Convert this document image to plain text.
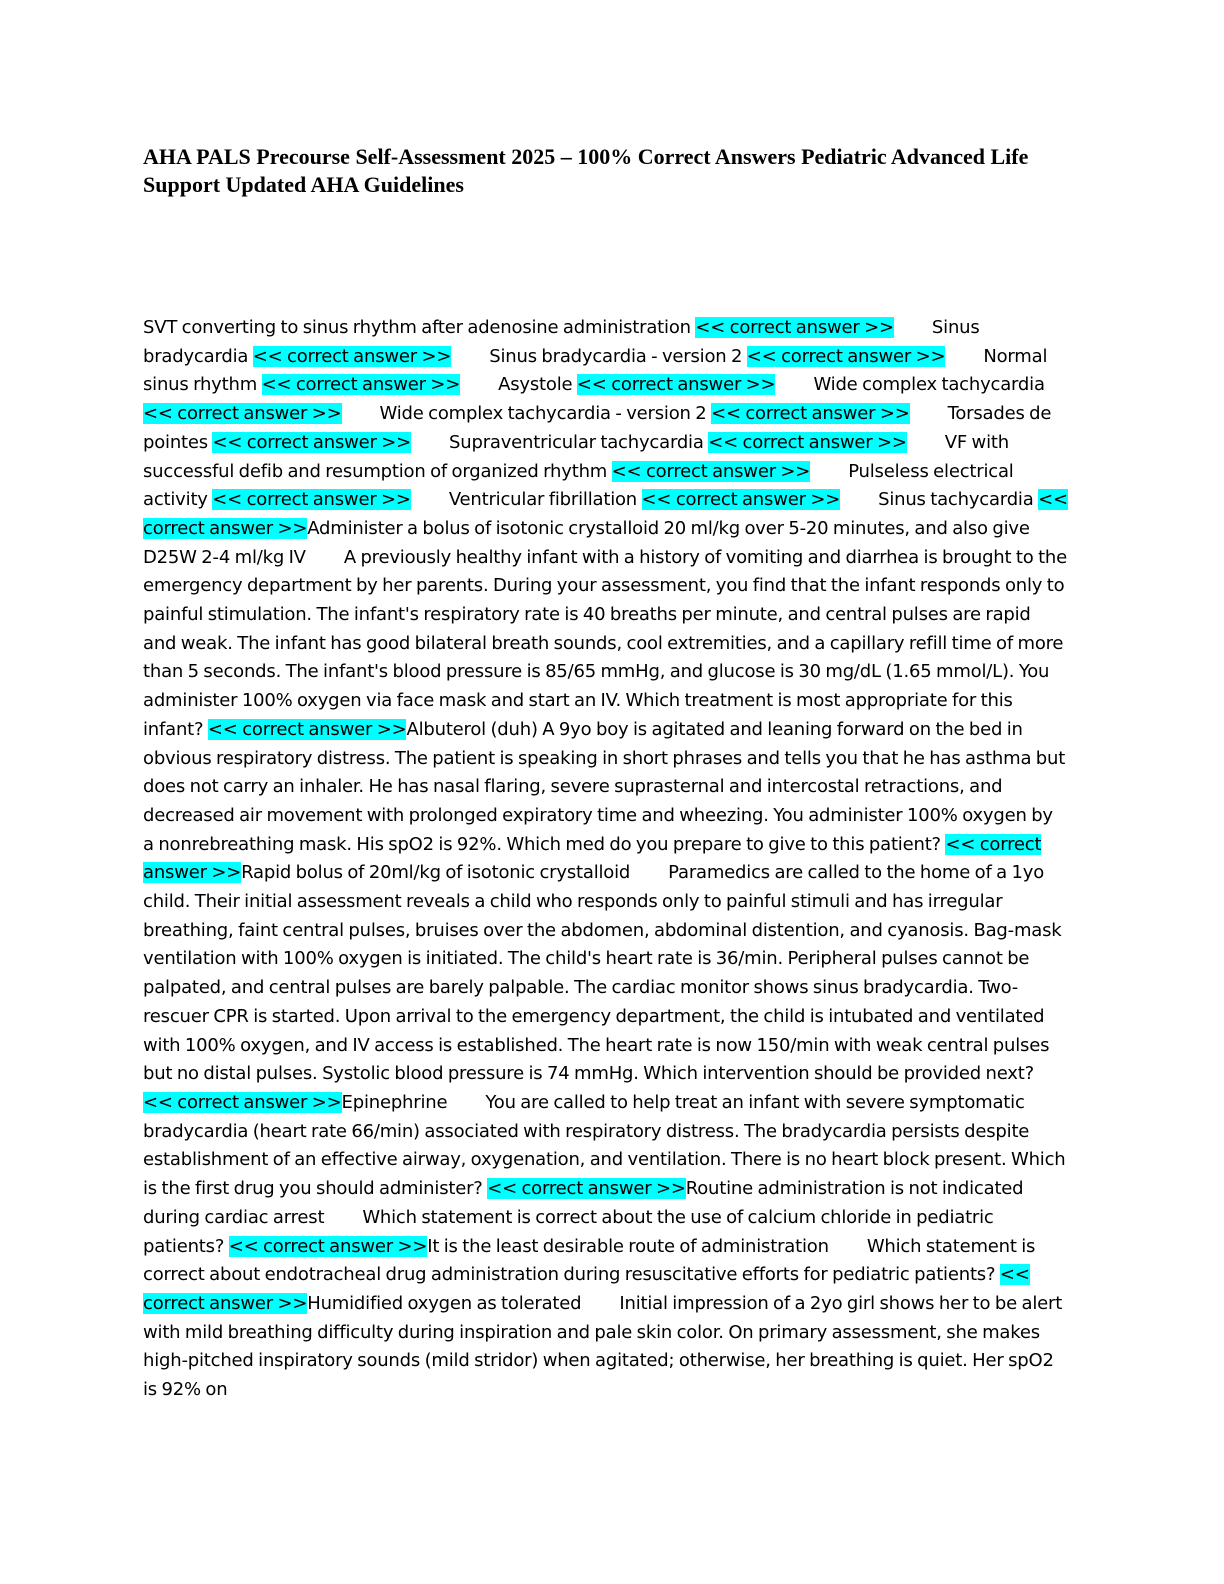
AHA PALS Precourse Self-Assessment 2025 – 100% Correct Answers Pediatric Advanced Life Support Updated AHA Guidelines

SVT converting to sinus rhythm after adenosine administration << correct answer >> Sinus bradycardia << correct answer >> Sinus bradycardia - version 2 << correct answer >> Normal sinus rhythm << correct answer >> Asystole << correct answer >> Wide complex tachycardia << correct answer >> Wide complex tachycardia - version 2 << correct answer >> Torsades de pointes << correct answer >> Supraventricular tachycardia << correct answer >> VF with successful defib and resumption of organized rhythm << correct answer >> Pulseless electrical activity << correct answer >> Ventricular fibrillation << correct answer >> Sinus tachycardia << correct answer >>Administer a bolus of isotonic crystalloid 20 ml/kg over 5-20 minutes, and also give D25W 2-4 ml/kg IV A previously healthy infant with a history of vomiting and diarrhea is brought to the emergency department by her parents. During your assessment, you find that the infant responds only to painful stimulation. The infant's respiratory rate is 40 breaths per minute, and central pulses are rapid and weak. The infant has good bilateral breath sounds, cool extremities, and a capillary refill time of more than 5 seconds. The infant's blood pressure is 85/65 mmHg, and glucose is 30 mg/dL (1.65 mmol/L). You administer 100% oxygen via face mask and start an IV. Which treatment is most appropriate for this infant? << correct answer >>Albuterol (duh) A 9yo boy is agitated and leaning forward on the bed in obvious respiratory distress. The patient is speaking in short phrases and tells you that he has asthma but does not carry an inhaler. He has nasal flaring, severe suprasternal and intercostal retractions, and decreased air movement with prolonged expiratory time and wheezing. You administer 100% oxygen by a nonrebreathing mask. His spO2 is 92%. Which med do you prepare to give to this patient? << correct answer >>Rapid bolus of 20ml/kg of isotonic crystalloid Paramedics are called to the home of a 1yo child. Their initial assessment reveals a child who responds only to painful stimuli and has irregular breathing, faint central pulses, bruises over the abdomen, abdominal distention, and cyanosis. Bag-mask ventilation with 100% oxygen is initiated. The child's heart rate is 36/min. Peripheral pulses cannot be palpated, and central pulses are barely palpable. The cardiac monitor shows sinus bradycardia. Two-rescuer CPR is started. Upon arrival to the emergency department, the child is intubated and ventilated with 100% oxygen, and IV access is established. The heart rate is now 150/min with weak central pulses but no distal pulses. Systolic blood pressure is 74 mmHg. Which intervention should be provided next? << correct answer >>Epinephrine You are called to help treat an infant with severe symptomatic bradycardia (heart rate 66/min) associated with respiratory distress. The bradycardia persists despite establishment of an effective airway, oxygenation, and ventilation. There is no heart block present. Which is the first drug you should administer? << correct answer >>Routine administration is not indicated during cardiac arrest Which statement is correct about the use of calcium chloride in pediatric patients? << correct answer >>It is the least desirable route of administration Which statement is correct about endotracheal drug administration during resuscitative efforts for pediatric patients? << correct answer >>Humidified oxygen as tolerated Initial impression of a 2yo girl shows her to be alert with mild breathing difficulty during inspiration and pale skin color. On primary assessment, she makes high-pitched inspiratory sounds (mild stridor) when agitated; otherwise, her breathing is quiet. Her spO2 is 92% on
